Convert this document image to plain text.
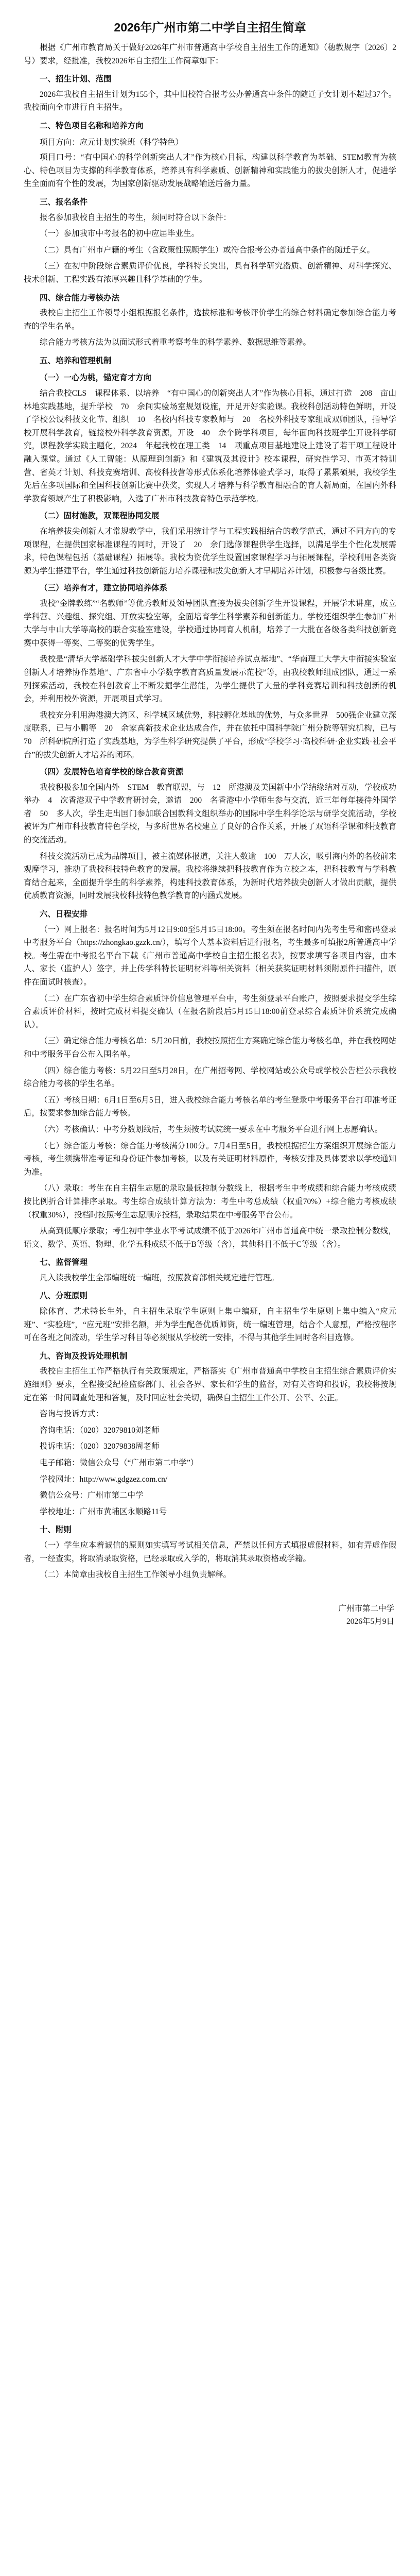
2026年广州市第二中学自主招生简章
根据《广州市教育局关于做好2026年广州市普通高中学校自主招生工作的通知》（穗教规字〔2026〕2号）要求，经批准，我校2026年自主招生工作简章如下：
一、招生计划、范围
2026年我校自主招生计划为155个，其中旧校符合报考公办普通高中条件的随迁子女计划不超过37个。我校面向全市进行自主招生。
二、特色项目名称和培养方向
项目方向：应元计划实验班（科学特色）
项目口号：“有中国心的科学创新突出人才”作为核心目标，构建以科学教育为基础、STEM教育为核心、特色项目为支撑的科学教育体系，培养具有科学素质、创新精神和实践能力的拔尖创新人才，促进学生全面而有个性的发展，为国家创新驱动发展战略输送后备力量。
三、报名条件
报名参加我校自主招生的考生，须同时符合以下条件：
（一）参加我市中考报名的初中应届毕业生。
（二）具有广州市户籍的考生（含政策性照顾学生）或符合报考公办普通高中条件的随迁子女。
（三）在初中阶段综合素质评价优良，学科特长突出，具有科学研究潜质、创新精神、对科学探究、技术创新、工程实践有浓厚兴趣且科学基础的学生。
四、综合能力考核办法
我校自主招生工作领导小组根据报名条件，选拔标准和考核评价学生的综合材料确定参加综合能力考查的学生名单。
综合能力考核方法为以面试形式着重考察考生的科学素养、数据思维等素养。
五、培养和管理机制
（一）一心为桃，锚定育才方向
结合我校CLS　课程体系、以培养　“有中国心的创新突出人才”作为核心目标，通过打造　208　亩山林地实践基地，提升学校　70　余间实验场室规划设施，开足开好实验课。我校科创活动特色鲜明，开设了学校公设科技文化节、组织　10　名校内科技专家教师与　20　名校外科技专家组成双师团队，指导学校开展科学教育，链接校外科学教育资源，开设　40　余个跨学科项目，每年面向科技班学生开设科学研究，课程教学实践主题化，2024　年起我校在理工类　14　项重点项目基地建设上建设了若干项工程设计融入课堂。通过《人工智能：从原理到创新》和《建筑及其设计》校本课程，研究性学习、市英才特训营、省英才计划、科技竞赛培训、高校科技营等形式体系化培养体验式学习，取得了累累硕果，我校学生先后在多项国际和全国科技创新比赛中获奖，实现人才培养与科学教育相融合的育人新局面，在国内外科学教育领域产生了积极影响，入选了广州市科技教育特色示范学校。
（二）固材施教，双课程协同发展
在培养拔尖创新人才常规教学中，我们采用统计学与工程实践相结合的教学范式，通过不同方向的专项课程，在提供国家标准课程的同时，开设了　20　余门选修课程供学生选择，以满足学生个性化发展需求，特色课程包括（基础课程）拓展等。我校为资优学生设置国家课程学习与拓展课程，学校利用各类资源为学生搭建平台，学生通过科技创新能力培养课程和拔尖创新人才早期培养计划，积极参与各级比赛。
（三）培养有才，建立协同培养体系
我校“金牌教练”“名教师”等优秀教师及领导团队直接为拔尖创新学生开设课程，开展学术讲座，成立学科营、兴趣组、探究组、开放实验室等，全面培育学生科学素养和创新能力。学校还组织学生参加广州大学与中山大学等高校的联合实验室建设，学校通过协同育人机制，培养了一大批在各级各类科技创新竞赛中获得一等奖、二等奖的优秀学生。
我校是“清华大学基础学科拔尖创新人才大学中学衔接培养试点基地”、“华南理工大学大中衔接实验室创新人才培养协作基地”、广东省中小学数字教育高质量发展示范校”等，由我校教师组成团队，通过一系列探索活动，我校在科创教育上不断发掘学生潜能，为学生提供了大量的学科竞赛培训和科技创新的机会，并利用校外资源，开展项目式学习。
我校充分利用海港澳大湾区、科学城区域优势，科技孵化基地的优势，与众多世界　500强企业建立深度联系，已与小鹏等　20　余家高新技术企业达成合作，并在依托中国科学院广州分院等研究机构，已与　70　所科研院所打造了实践基地，为学生科学研究提供了平台，形成“学校学习·高校科研·企业实践·社会平台”的拔尖创新人才培养的闭环。
（四）发展特色培育学校的综合教育资源
我校积极参加全国内外　STEM　教育联盟，与　12　所港澳及美国新中小学结缘结对互动，学校成功举办　4　次香港双子中学教育研讨会，邀请　200　名香港中小学师生参与交流，近三年每年接待外国学者　50　多人次，学生走出国门参加联合国教科文组织举办的国际中学生科学论坛与研学交流活动，学校被评为广州市科技教育特色学校，与多所世界名校建立了良好的合作关系，开展了双语科学课和科技教育的交流活动。
科技交流活动已成为品牌项目，被主流媒体报道，关注人数逾　100　万人次，吸引海内外的名校前来观摩学习，推动了我校科技特色教育的发展。我校将继续把科技教育作为立校之本，把科技教育与学科教育结合起来，全面提升学生的科学素养，构建科技教育体系，为新时代培养拔尖创新人才做出贡献，提供优质教育资源，同时发展我校科技特色教学教育的内涵式发展。
六、日程安排
（一）网上报名：报名时间为5月12日9:00至5月15日18:00。考生须在报名时间内先考生号和密码登录中考服务平台（https://zhongkao.gzzk.cn/），填写个人基本资料后进行报名，考生最多可填报2所普通高中学校。考生需在中考报名平台下载《广州市普通高中学校自主招生报名表》，按要求填写各项目内容，由本人、家长（监护人）签字，并上传学科特长证明材料等相关资料（相关获奖证明材料须附原件扫描件，原件在面试时核查）。
（二）在广东省初中学生综合素质评价信息管理平台中，考生须登录平台账户，按照要求提交学生综合素质评价材料，按时完成材料提交确认（在报名阶段后5月15日18:00前登录综合素质评价系统完成确认）。
（三）确定综合能力考核名单：5月20日前，我校按照招生方案确定综合能力考核名单，并在我校网站和中考服务平台公布入围名单。
（四）综合能力考核：5月22日至5月28日，在广州招考网、学校网站或公众号或学校公告栏公示我校综合能力考核的学生名单。
（五）考核日期：6月1日至6月5日，进入我校综合能力考核名单的考生登录中考服务平台打印准考证后，按要求参加综合能力考核。
（六）考核确认：中考分数划线后，考生须按考试院统一要求在中考服务平台进行网上志愿确认。
（七）综合能力考核：综合能力考核满分100分。7月4日至5日，我校根据招生方案组织开展综合能力考核，考生须携带准考证和身份证件参加考核，以及有关证明材料原件，考核安排及具体要求以学校通知为准。
（八）录取：考生在自主招生志愿的录取最低控制分数线上，根据考生中考成绩和综合能力考核成绩按比例折合计算排序录取。考生综合成绩计算方法为：考生中考总成绩（权重70%）+综合能力考核成绩（权重30%），投档时按照考生志愿顺序投档，录取结果在中考服务平台公布。
从高到低顺序录取；考生初中学业水平考试成绩不低于2026年广州市普通高中统一录取控制分数线，语文、数学、英语、物理、化学五科成绩不低于B等级（含），其他科目不低于C等级（含）。
七、监督管理
凡入读我校学生全部编班统一编班，按照教育部相关规定进行管理。
八、分班原则
除体育、艺术特长生外，自主招生录取学生原则上集中编班，自主招生学生原则上集中编入“应元班”、“实验班”，“应元班”安排名额，并为学生配备优质师资，统一编班管理，结合个人意愿，严格按程序可在各班之间流动，学生学习科目等必须服从学校统一安排，不得与其他学生同时各科目选修。
九、咨询及投诉处理机制
我校自主招生工作严格执行有关政策规定，严格落实《广州市普通高中学校自主招生综合素质评价实施细则》要求，全程接受纪检监察部门、社会各界、家长和学生的监督，对有关咨询和投诉，我校将按规定在第一时间调查处理和答复，及时回应社会关切，确保自主招生工作公开、公平、公正。
咨询与投诉方式：
咨询电话：（020）32079810刘老师
投诉电话：（020）32079838周老师
电子邮箱：微信公众号（“广州市第二中学”）
学校网址：http://www.gdgzez.com.cn/
微信公众号：广州市第二中学
学校地址：广州市黄埔区永顺路11号
十、附则
（一）学生应本着诚信的原则如实填写考试相关信息，严禁以任何方式填报虚假材料，如有弄虚作假者，一经查实，将取消录取资格，已经录取或入学的，将取消其录取资格或学籍。
（二）本简章由我校自主招生工作领导小组负责解释。
广州市第二中学
2026年5月9日
